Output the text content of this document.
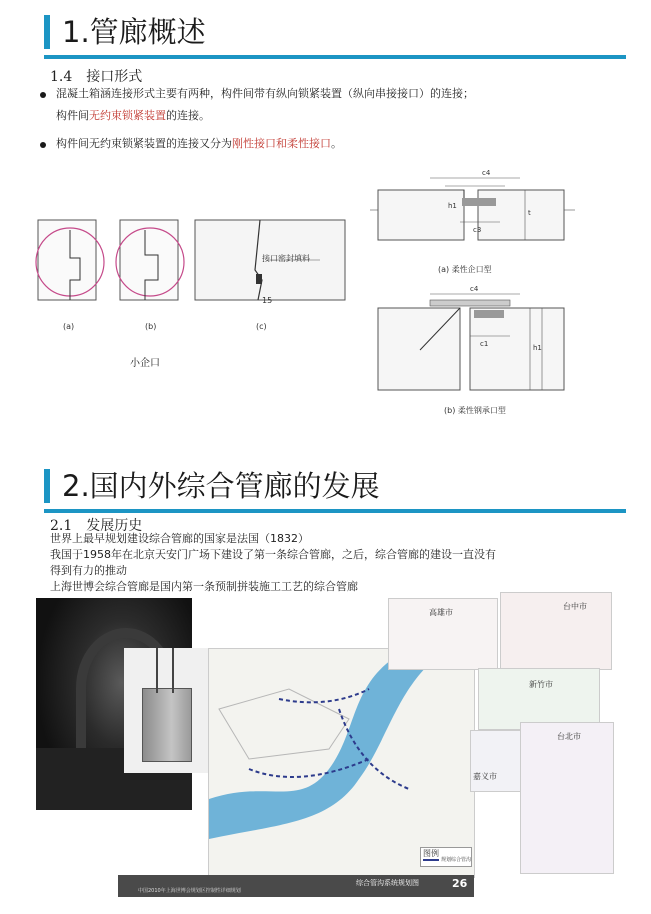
1.管廊概述
1.4　接口形式
混凝土箱涵连接形式主要有两种，构件间带有纵向锁紧装置（纵向串接接口）的连接；
构件间无约束锁紧装置的连接。
构件间无约束锁紧装置的连接又分为刚性接口和柔性接口。
接口密封填料
15
(a)	(b)	(c)
小企口
c4
c3
t
h1
c4
c1	h1
(a) 柔性企口型
(b) 柔性钢承口型
2.国内外综合管廊的发展
2.1　发展历史
世界上最早规划建设综合管廊的国家是法国（1832）
我国于1958年在北京天安门广场下建设了第一条综合管廊，之后，综合管廊的建设一直没有
得到有力的推动
上海世博会综合管廊是国内第一条预制拼装施工工艺的综合管廊
图例
规划综合管沟
高雄市
台中市
新竹市
嘉义市
台北市
中国2010年上海世博会规划区控制性详细规划
综合管沟系统规划图	26
